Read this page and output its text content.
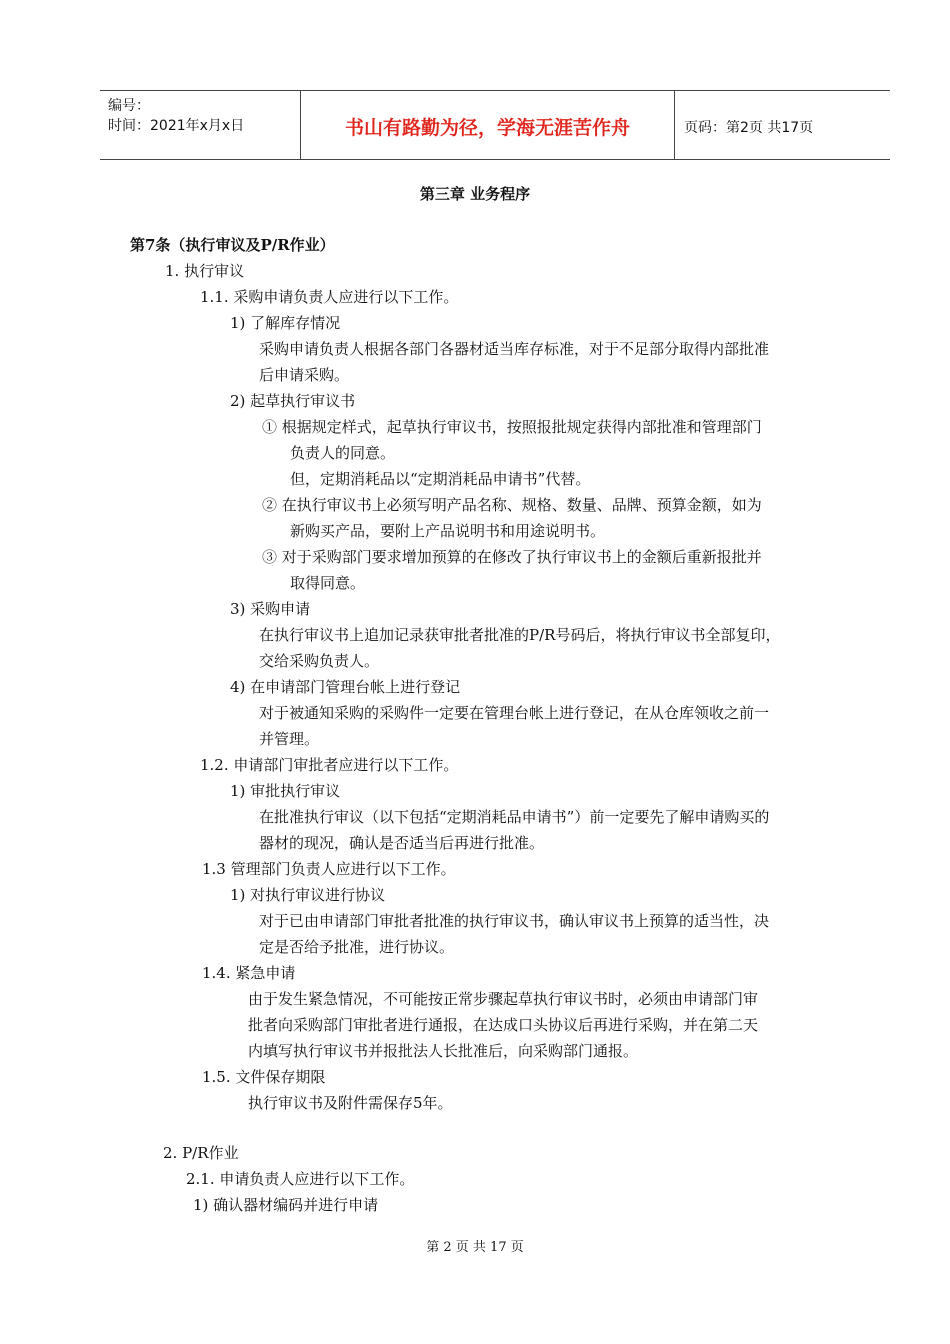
编号：
时间：2021年x月x日	书山有路勤为径，学海无涯苦作舟	页码：第2页 共17页
第三章 业务程序
第7条（执行审议及P/R作业）
1. 执行审议
1.1. 采购申请负责人应进行以下工作。
1) 了解库存情况
采购申请负责人根据各部门各器材适当库存标准，对于不足部分取得内部批准
后申请采购。
2) 起草执行审议书
① 根据规定样式，起草执行审议书，按照报批规定获得内部批准和管理部门
负责人的同意。
但，定期消耗品以“定期消耗品申请书”代替。
② 在执行审议书上必须写明产品名称、规格、数量、品牌、预算金额，如为
新购买产品，要附上产品说明书和用途说明书。
③ 对于采购部门要求增加预算的在修改了执行审议书上的金额后重新报批并
取得同意。
3) 采购申请
在执行审议书上追加记录获审批者批准的P/R号码后，将执行审议书全部复印，
交给采购负责人。
4) 在申请部门管理台帐上进行登记
对于被通知采购的采购件一定要在管理台帐上进行登记，在从仓库领收之前一
并管理。
1.2. 申请部门审批者应进行以下工作。
1) 审批执行审议
在批准执行审议（以下包括“定期消耗品申请书”）前一定要先了解申请购买的
器材的现况，确认是否适当后再进行批准。
1.3 管理部门负责人应进行以下工作。
1) 对执行审议进行协议
对于已由申请部门审批者批准的执行审议书，确认审议书上预算的适当性，决
定是否给予批准，进行协议。
1.4. 紧急申请
由于发生紧急情况，不可能按正常步骤起草执行审议书时，必须由申请部门审
批者向采购部门审批者进行通报，在达成口头协议后再进行采购，并在第二天
内填写执行审议书并报批法人长批准后，向采购部门通报。
1.5. 文件保存期限
执行审议书及附件需保存5年。
2. P/R作业
2.1. 申请负责人应进行以下工作。
1) 确认器材编码并进行申请
第 2 页 共 17 页
